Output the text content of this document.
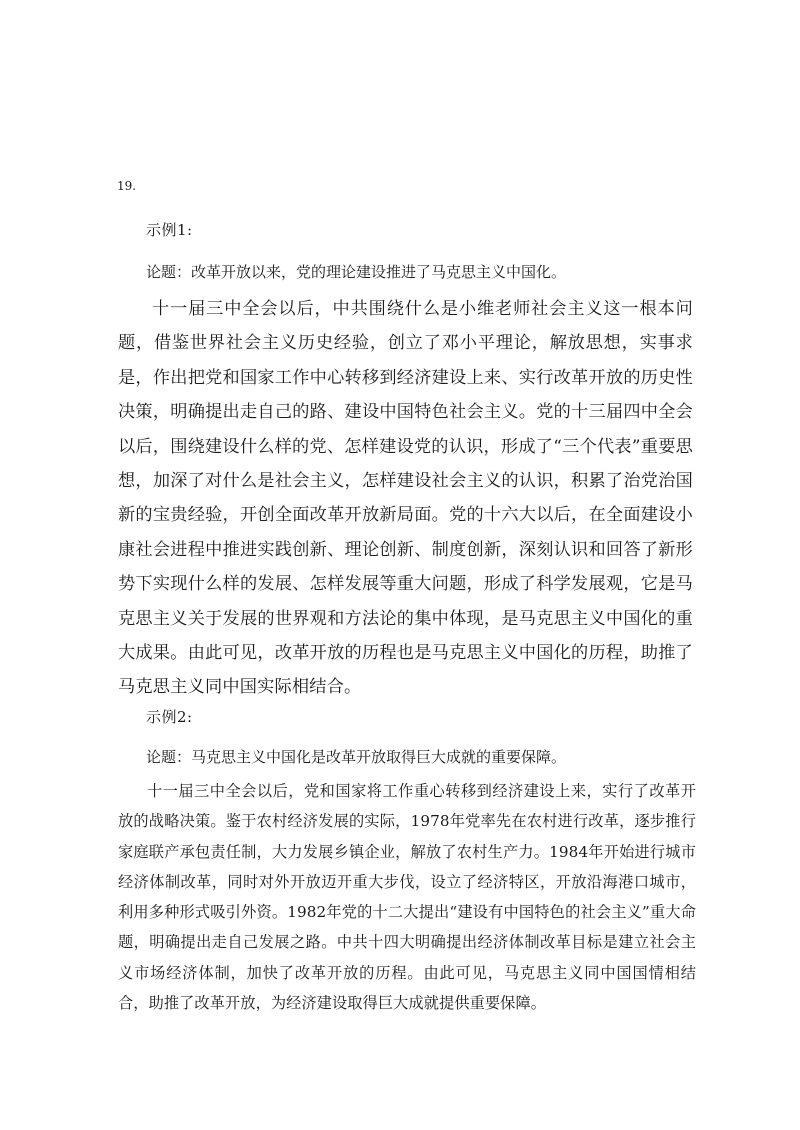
19.
示例1:
论题：改革开放以来，党的理论建设推进了马克思主义中国化。

十一届三中全会以后，中共围绕什么是小维老师社会主义这一根本问题，借鉴世界社会主义历史经验，创立了邓小平理论，解放思想，实事求是，作出把党和国家工作中心转移到经济建设上来、实行改革开放的历史性决策，明确提出走自己的路、建设中国特色社会主义。党的十三届四中全会以后，围绕建设什么样的党、怎样建设党的认识，形成了“三个代表”重要思想，加深了对什么是社会主义，怎样建设社会主义的认识，积累了治党治国新的宝贵经验，开创全面改革开放新局面。党的十六大以后，在全面建设小康社会进程中推进实践创新、理论创新、制度创新，深刻认识和回答了新形势下实现什么样的发展、怎样发展等重大问题，形成了科学发展观，它是马克思主义关于发展的世界观和方法论的集中体现，是马克思主义中国化的重大成果。由此可见，改革开放的历程也是马克思主义中国化的历程，助推了马克思主义同中国实际相结合。

示例2:
论题：马克思主义中国化是改革开放取得巨大成就的重要保障。

十一届三中全会以后，党和国家将工作重心转移到经济建设上来，实行了改革开放的战略决策。鉴于农村经济发展的实际，1978年党率先在农村进行改革，逐步推行家庭联产承包责任制，大力发展乡镇企业，解放了农村生产力。1984年开始进行城市经济体制改革，同时对外开放迈开重大步伐，设立了经济特区，开放沿海港口城市，利用多种形式吸引外资。1982年党的十二大提出“建设有中国特色的社会主义”重大命题，明确提出走自己发展之路。中共十四大明确提出经济体制改革目标是建立社会主义市场经济体制，加快了改革开放的历程。由此可见，马克思主义同中国国情相结合，助推了改革开放，为经济建设取得巨大成就提供重要保障。
